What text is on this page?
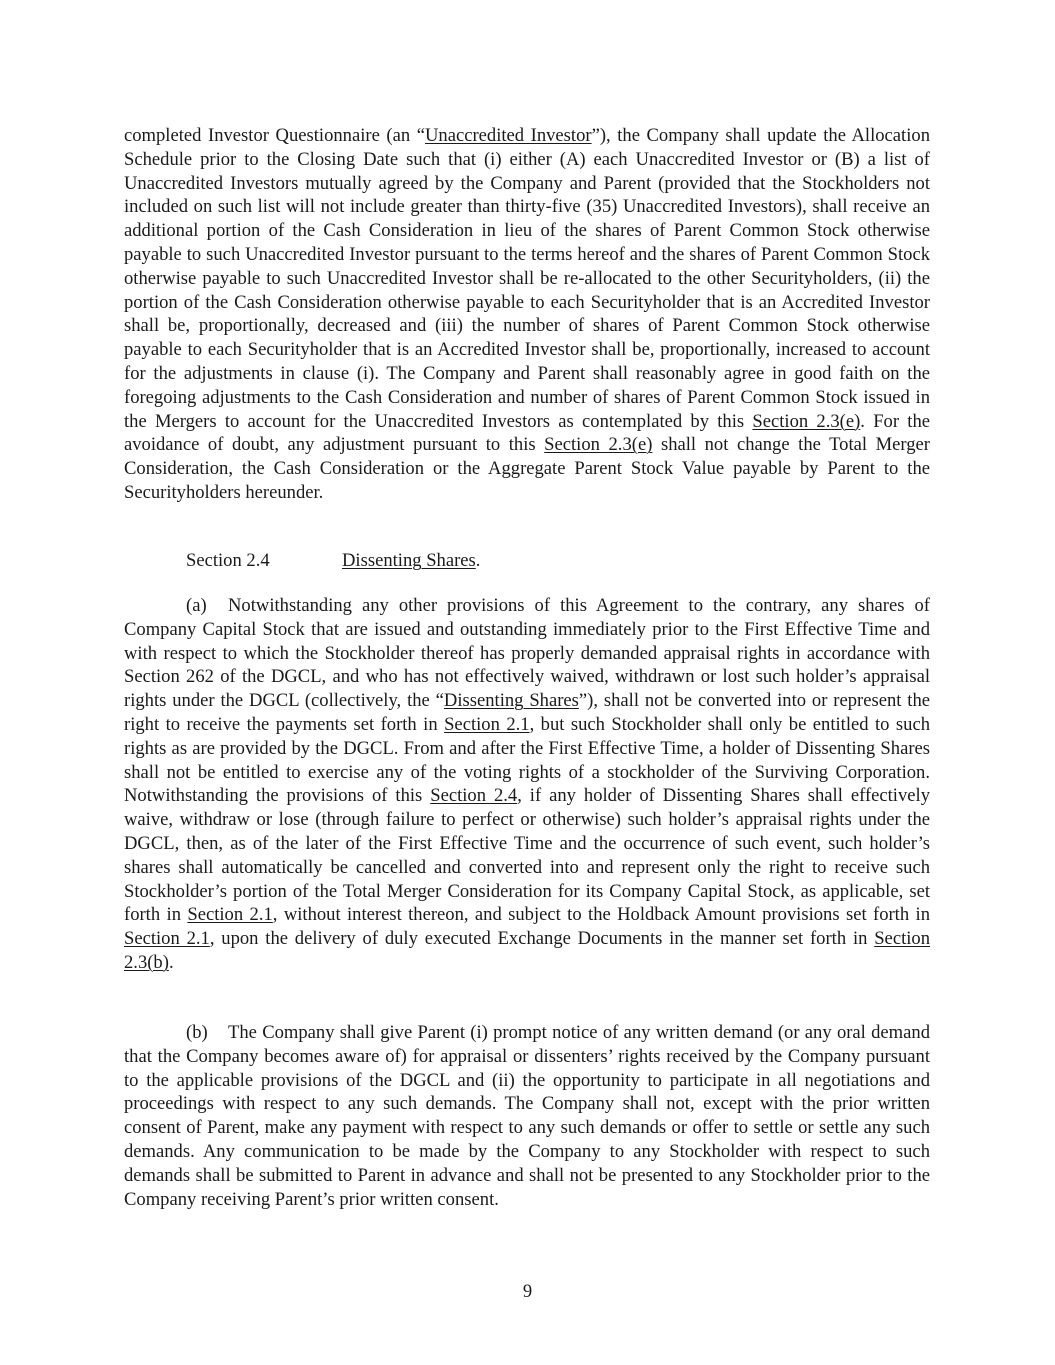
completed Investor Questionnaire (an “Unaccredited Investor”), the Company shall update the Allocation Schedule prior to the Closing Date such that (i) either (A) each Unaccredited Investor or (B) a list of Unaccredited Investors mutually agreed by the Company and Parent (provided that the Stockholders not included on such list will not include greater than thirty-five (35) Unaccredited Investors), shall receive an additional portion of the Cash Consideration in lieu of the shares of Parent Common Stock otherwise payable to such Unaccredited Investor pursuant to the terms hereof and the shares of Parent Common Stock otherwise payable to such Unaccredited Investor shall be re-allocated to the other Securityholders, (ii) the portion of the Cash Consideration otherwise payable to each Securityholder that is an Accredited Investor shall be, proportionally, decreased and (iii) the number of shares of Parent Common Stock otherwise payable to each Securityholder that is an Accredited Investor shall be, proportionally, increased to account for the adjustments in clause (i). The Company and Parent shall reasonably agree in good faith on the foregoing adjustments to the Cash Consideration and number of shares of Parent Common Stock issued in the Mergers to account for the Unaccredited Investors as contemplated by this Section 2.3(e). For the avoidance of doubt, any adjustment pursuant to this Section 2.3(e) shall not change the Total Merger Consideration, the Cash Consideration or the Aggregate Parent Stock Value payable by Parent to the Securityholders hereunder.

Section 2.4	Dissenting Shares.

(a) Notwithstanding any other provisions of this Agreement to the contrary, any shares of Company Capital Stock that are issued and outstanding immediately prior to the First Effective Time and with respect to which the Stockholder thereof has properly demanded appraisal rights in accordance with Section 262 of the DGCL, and who has not effectively waived, withdrawn or lost such holder’s appraisal rights under the DGCL (collectively, the “Dissenting Shares”), shall not be converted into or represent the right to receive the payments set forth in Section 2.1, but such Stockholder shall only be entitled to such rights as are provided by the DGCL. From and after the First Effective Time, a holder of Dissenting Shares shall not be entitled to exercise any of the voting rights of a stockholder of the Surviving Corporation. Notwithstanding the provisions of this Section 2.4, if any holder of Dissenting Shares shall effectively waive, withdraw or lose (through failure to perfect or otherwise) such holder’s appraisal rights under the DGCL, then, as of the later of the First Effective Time and the occurrence of such event, such holder’s shares shall automatically be cancelled and converted into and represent only the right to receive such Stockholder’s portion of the Total Merger Consideration for its Company Capital Stock, as applicable, set forth in Section 2.1, without interest thereon, and subject to the Holdback Amount provisions set forth in Section 2.1, upon the delivery of duly executed Exchange Documents in the manner set forth in Section 2.3(b).

(b) The Company shall give Parent (i) prompt notice of any written demand (or any oral demand that the Company becomes aware of) for appraisal or dissenters’ rights received by the Company pursuant to the applicable provisions of the DGCL and (ii) the opportunity to participate in all negotiations and proceedings with respect to any such demands. The Company shall not, except with the prior written consent of Parent, make any payment with respect to any such demands or offer to settle or settle any such demands. Any communication to be made by the Company to any Stockholder with respect to such demands shall be submitted to Parent in advance and shall not be presented to any Stockholder prior to the Company receiving Parent’s prior written consent.

9
